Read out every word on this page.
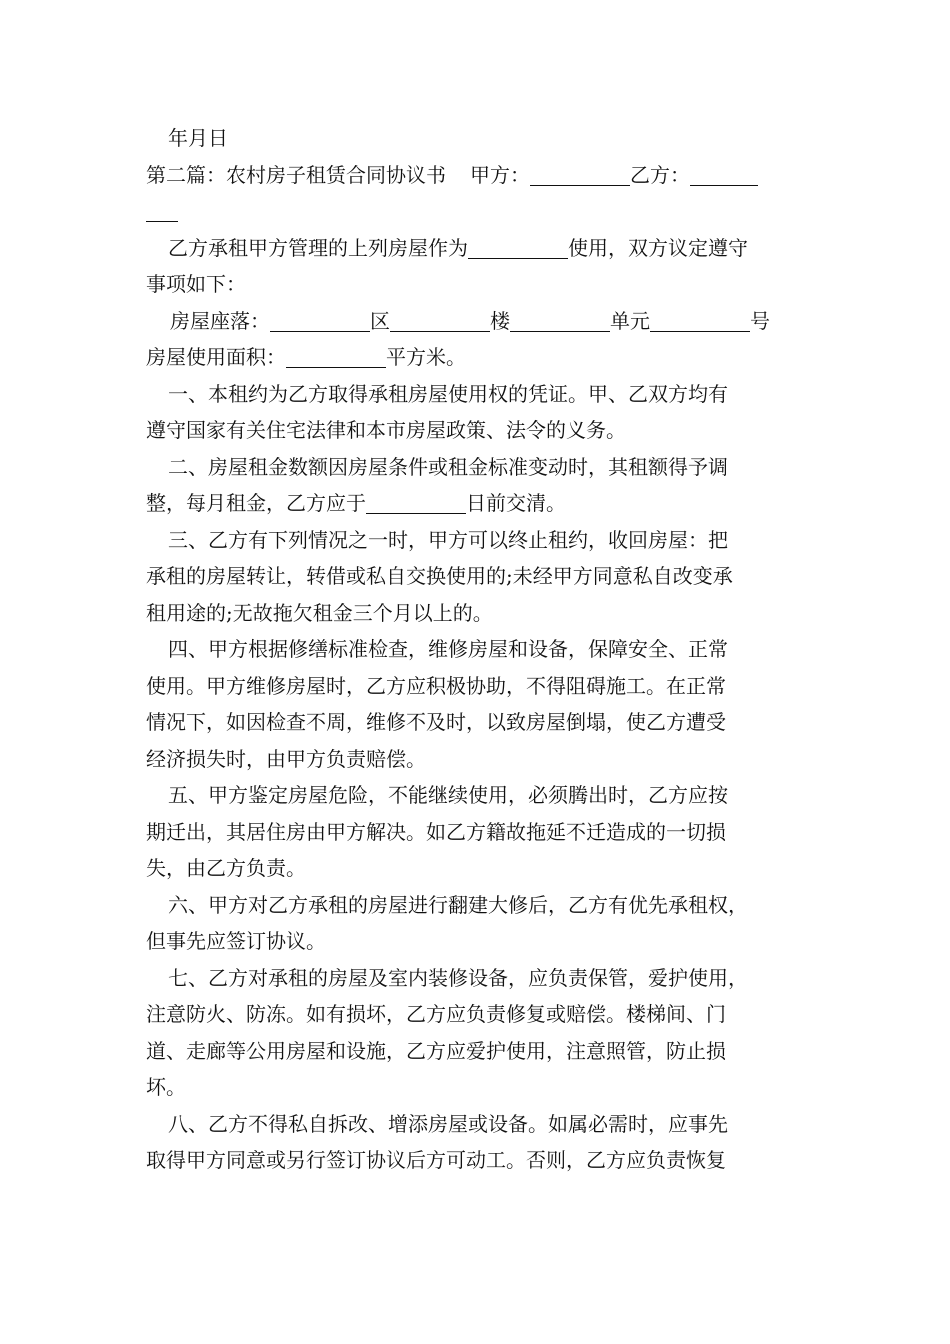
年月日
第二篇：农村房子租赁合同协议书 甲方：	乙方：
乙方承租甲方管理的上列房屋作为	使用，双方议定遵守
事项如下：
房屋座落：	区	楼	单元	号
房屋使用面积：	平方米。
一、本租约为乙方取得承租房屋使用权的凭证。甲、乙双方均有
遵守国家有关住宅法律和本市房屋政策、法令的义务。
二、房屋租金数额因房屋条件或租金标准变动时，其租额得予调
整，每月租金，乙方应于	日前交清。
三、乙方有下列情况之一时，甲方可以终止租约，收回房屋：把
承租的房屋转让，转借或私自交换使用的;未经甲方同意私自改变承
租用途的;无故拖欠租金三个月以上的。
四、甲方根据修缮标准检查，维修房屋和设备，保障安全、正常
使用。甲方维修房屋时，乙方应积极协助，不得阻碍施工。在正常
情况下，如因检查不周，维修不及时，以致房屋倒塌，使乙方遭受
经济损失时，由甲方负责赔偿。
五、甲方鉴定房屋危险，不能继续使用，必须腾出时，乙方应按
期迁出，其居住房由甲方解决。如乙方籍故拖延不迁造成的一切损
失，由乙方负责。
六、甲方对乙方承租的房屋进行翻建大修后，乙方有优先承租权，
但事先应签订协议。
七、乙方对承租的房屋及室内装修设备，应负责保管，爱护使用，
注意防火、防冻。如有损坏，乙方应负责修复或赔偿。楼梯间、门
道、走廊等公用房屋和设施，乙方应爱护使用，注意照管，防止损
坏。
八、乙方不得私自拆改、增添房屋或设备。如属必需时，应事先
取得甲方同意或另行签订协议后方可动工。否则，乙方应负责恢复
